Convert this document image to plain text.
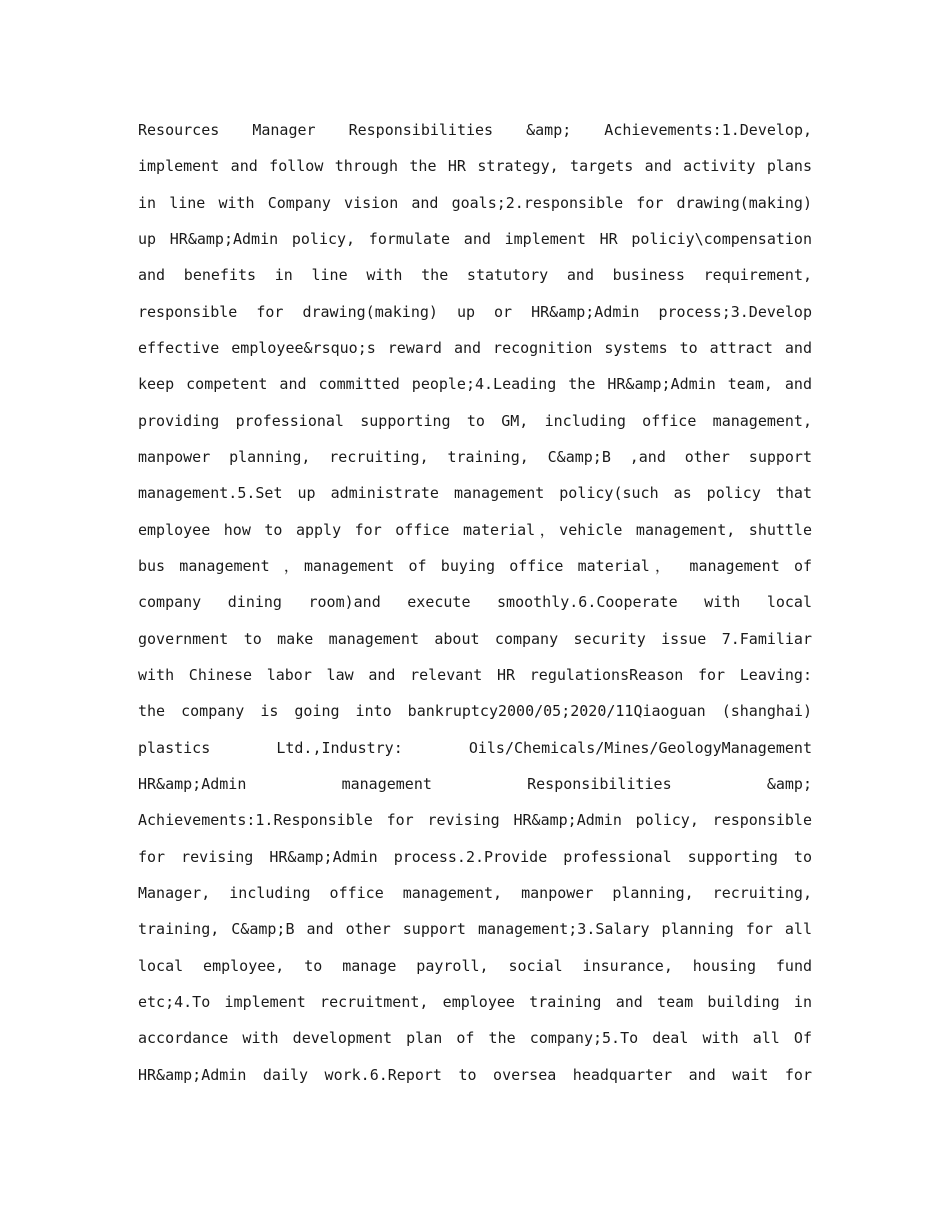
Resources Manager Responsibilities &amp; Achievements:1.Develop,
implement and follow through the HR strategy, targets and activity plans
in line with Company vision and goals;2.responsible for drawing(making)
up HR&amp;Admin policy, formulate and implement HR policiy\compensation
and benefits in line with the statutory and business requirement,
responsible for drawing(making) up or HR&amp;Admin process;3.Develop
effective employee&rsquo;s reward and recognition systems to attract and
keep competent and committed people;4.Leading the HR&amp;Admin team, and
providing professional supporting to GM, including office management,
manpower planning, recruiting, training, C&amp;B ,and other support
management.5.Set up administrate management policy(such as policy that
employee how to apply for office material，vehicle management, shuttle
bus management ，management of buying office material， management of
company dining room)and execute smoothly.6.Cooperate with local
government to make management about company security issue 7.Familiar
with Chinese labor law and relevant HR regulationsReason for Leaving:
the company is going into bankruptcy2000/05;2020/11Qiaoguan (shanghai)
plastics Ltd.,Industry: Oils/Chemicals/Mines/GeologyManagement
HR&amp;Admin management Responsibilities &amp;
Achievements:1.Responsible for revising HR&amp;Admin policy, responsible
for revising HR&amp;Admin process.2.Provide professional supporting to
Manager, including office management, manpower planning, recruiting,
training, C&amp;B and other support management;3.Salary planning for all
local employee, to manage payroll, social insurance, housing fund
etc;4.To implement recruitment, employee training and team building in
accordance with development plan of the company;5.To deal with all Of
HR&amp;Admin daily work.6.Report to oversea headquarter and wait for
